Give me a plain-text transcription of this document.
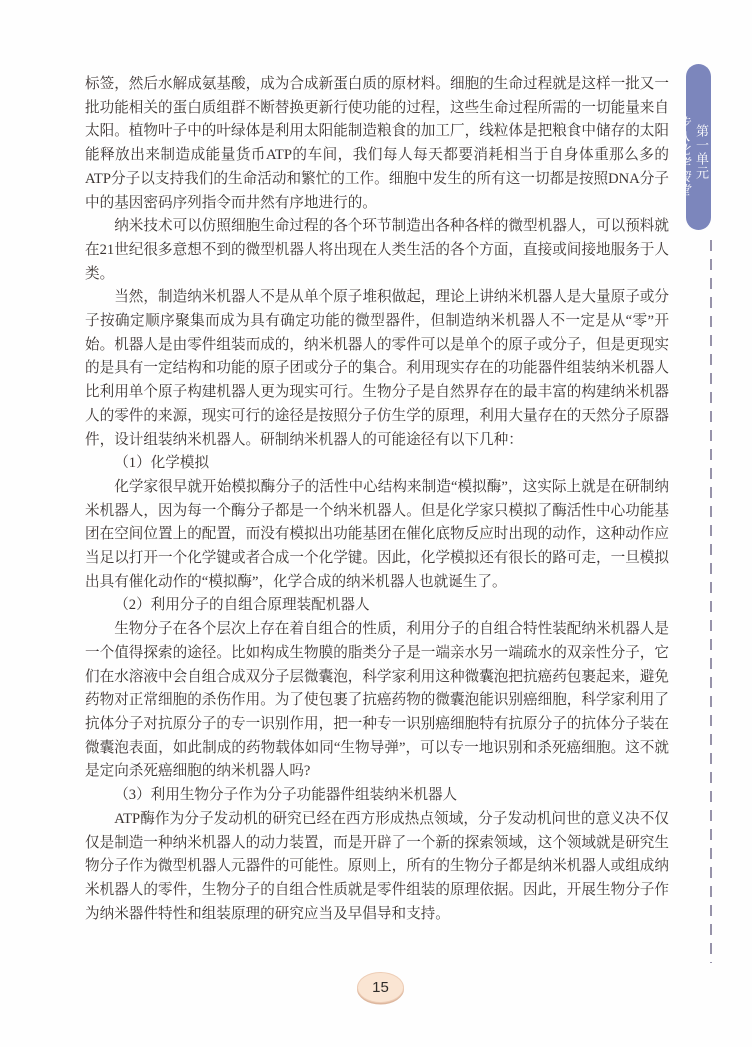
标签，然后水解成氨基酸，成为合成新蛋白质的原材料。细胞的生命过程就是这样一批又一批功能相关的蛋白质组群不断替换更新行使功能的过程，这些生命过程所需的一切能量来自太阳。植物叶子中的叶绿体是利用太阳能制造粮食的加工厂，线粒体是把粮食中储存的太阳能释放出来制造成能量货币ATP的车间，我们每人每天都要消耗相当于自身体重那么多的ATP分子以支持我们的生命活动和繁忙的工作。细胞中发生的所有这一切都是按照DNA分子中的基因密码序列指令而井然有序地进行的。

纳米技术可以仿照细胞生命过程的各个环节制造出各种各样的微型机器人，可以预料就在21世纪很多意想不到的微型机器人将出现在人类生活的各个方面，直接或间接地服务于人类。

当然，制造纳米机器人不是从单个原子堆积做起，理论上讲纳米机器人是大量原子或分子按确定顺序聚集而成为具有确定功能的微型器件，但制造纳米机器人不一定是从“零”开始。机器人是由零件组装而成的，纳米机器人的零件可以是单个的原子或分子，但是更现实的是具有一定结构和功能的原子团或分子的集合。利用现实存在的功能器件组装纳米机器人比利用单个原子构建机器人更为现实可行。生物分子是自然界存在的最丰富的构建纳米机器人的零件的来源，现实可行的途径是按照分子仿生学的原理，利用大量存在的天然分子原器件，设计组装纳米机器人。研制纳米机器人的可能途径有以下几种：

（1）化学模拟

化学家很早就开始模拟酶分子的活性中心结构来制造“模拟酶”，这实际上就是在研制纳米机器人，因为每一个酶分子都是一个纳米机器人。但是化学家只模拟了酶活性中心功能基团在空间位置上的配置，而没有模拟出功能基团在催化底物反应时出现的动作，这种动作应当足以打开一个化学键或者合成一个化学键。因此，化学模拟还有很长的路可走，一旦模拟出具有催化动作的“模拟酶”，化学合成的纳米机器人也就诞生了。

（2）利用分子的自组合原理装配机器人

生物分子在各个层次上存在着自组合的性质，利用分子的自组合特性装配纳米机器人是一个值得探索的途径。比如构成生物膜的脂类分子是一端亲水另一端疏水的双亲性分子，它们在水溶液中会自组合成双分子层微囊泡，科学家利用这种微囊泡把抗癌药包裹起来，避免药物对正常细胞的杀伤作用。为了使包裹了抗癌药物的微囊泡能识别癌细胞，科学家利用了抗体分子对抗原分子的专一识别作用，把一种专一识别癌细胞特有抗原分子的抗体分子装在微囊泡表面，如此制成的药物载体如同“生物导弹”，可以专一地识别和杀死癌细胞。这不就是定向杀死癌细胞的纳米机器人吗?

（3）利用生物分子作为分子功能器件组装纳米机器人

ATP酶作为分子发动机的研究已经在西方形成热点领域，分子发动机问世的意义决不仅仅是制造一种纳米机器人的动力装置，而是开辟了一个新的探索领域，这个领域就是研究生物分子作为微型机器人元器件的可能性。原则上，所有的生物分子都是纳米机器人或组成纳米机器人的零件，生物分子的自组合性质就是零件组装的原理依据。因此，开展生物分子作为纳米器件特性和组装原理的研究应当及早倡导和支持。

第一单元
步入化学殿堂
15
